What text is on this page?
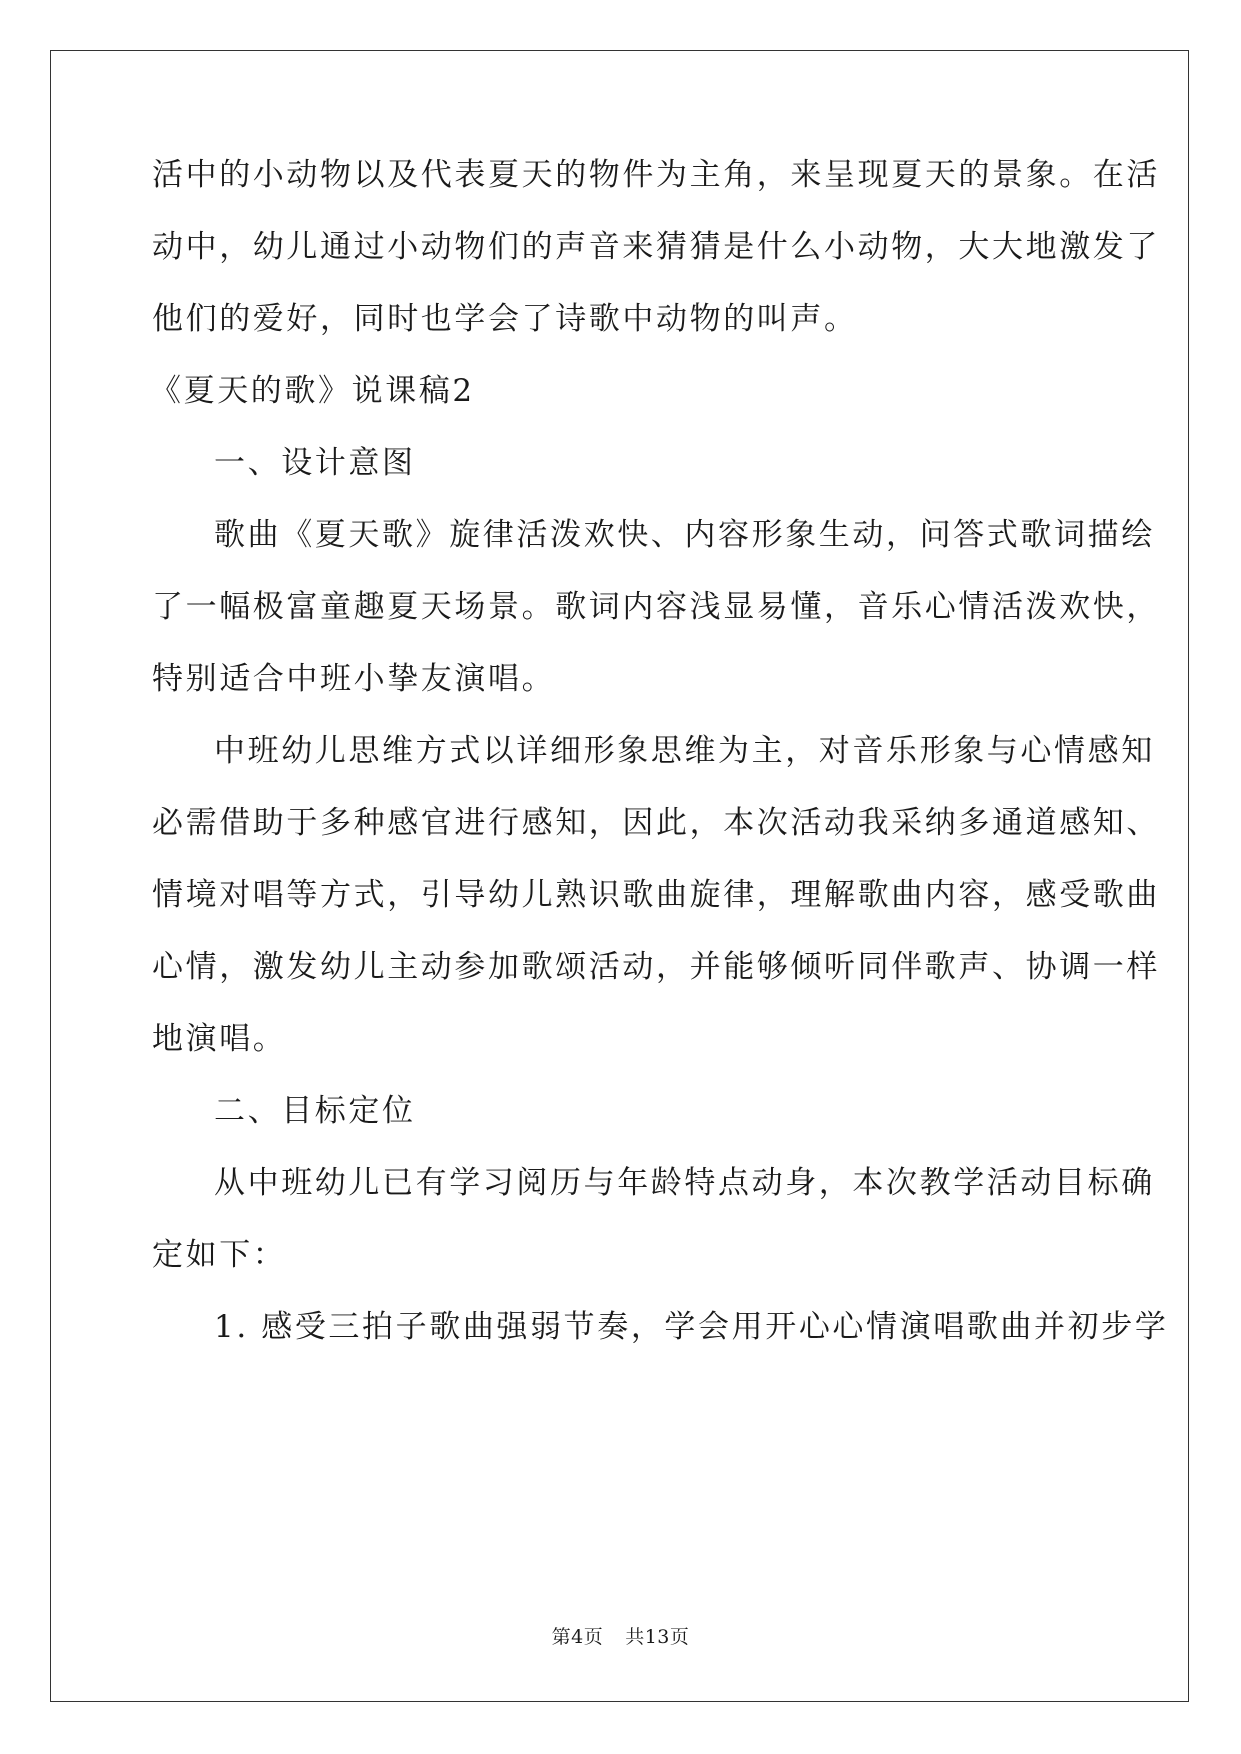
活中的小动物以及代表夏天的物件为主角，来呈现夏天的景象。在活
动中，幼儿通过小动物们的声音来猜猜是什么小动物，大大地激发了
他们的爱好，同时也学会了诗歌中动物的叫声。
《夏天的歌》说课稿2
一、设计意图
歌曲《夏天歌》旋律活泼欢快、内容形象生动，问答式歌词描绘
了一幅极富童趣夏天场景。歌词内容浅显易懂，音乐心情活泼欢快，
特别适合中班小挚友演唱。
中班幼儿思维方式以详细形象思维为主，对音乐形象与心情感知
必需借助于多种感官进行感知，因此，本次活动我采纳多通道感知、
情境对唱等方式，引导幼儿熟识歌曲旋律，理解歌曲内容，感受歌曲
心情，激发幼儿主动参加歌颂活动，并能够倾听同伴歌声、协调一样
地演唱。
二、目标定位
从中班幼儿已有学习阅历与年龄特点动身，本次教学活动目标确
定如下：
1. 感受三拍子歌曲强弱节奏，学会用开心心情演唱歌曲并初步学
第4页 共13页
